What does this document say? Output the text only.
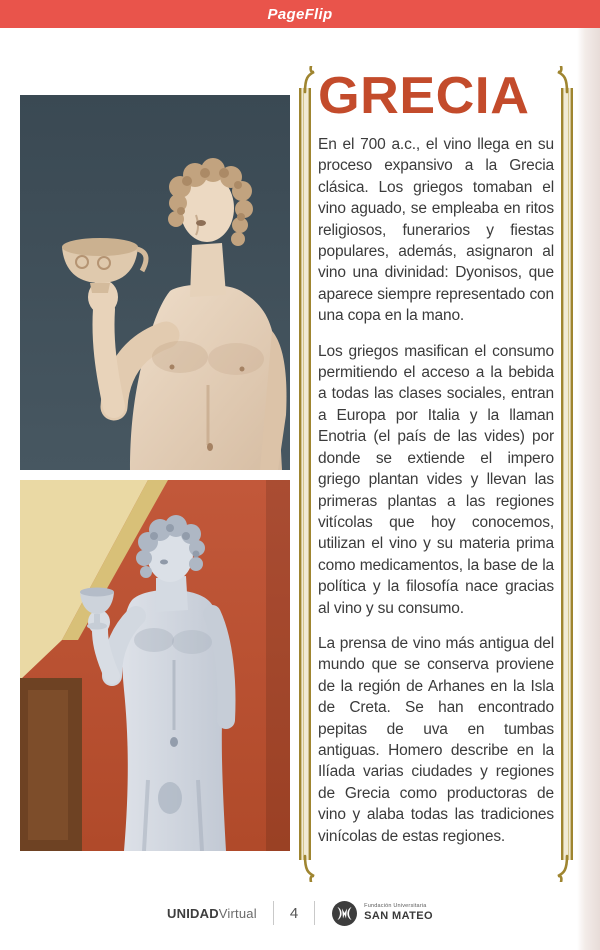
PageFlip
GRECIA

En el 700 a.c., el vino llega en su proceso expansivo a la Grecia clásica. Los griegos tomaban el vino aguado, se empleaba en ritos religiosos, funerarios y fiestas populares, además, asignaron al vino una divinidad: Dyonisos, que aparece siempre representado con una copa en la mano.

Los griegos masifican el consumo permitiendo el acceso a la bebida a todas las clases sociales, entran a Europa por Italia y la llaman Enotria (el país de las vides) por donde se extiende el impero griego plantan vides y llevan las primeras plantas a las regiones vitícolas que hoy conocemos, utilizan el vino y su materia prima como medicamentos, la base de la política y la filosofía nace gracias al vino y su consumo.

La prensa de vino más antigua del mundo que se conserva proviene de la región de Arhanes en la Isla de Creta. Se han encontrado pepitas de uva en tumbas antiguas. Homero describe en la Ilíada varias ciudades y regiones de Grecia como productoras de vino y alaba todas las tradiciones vinícolas de estas regiones.

UNIDADVirtual 4	Fundación Universitaria
SAN MATEO
